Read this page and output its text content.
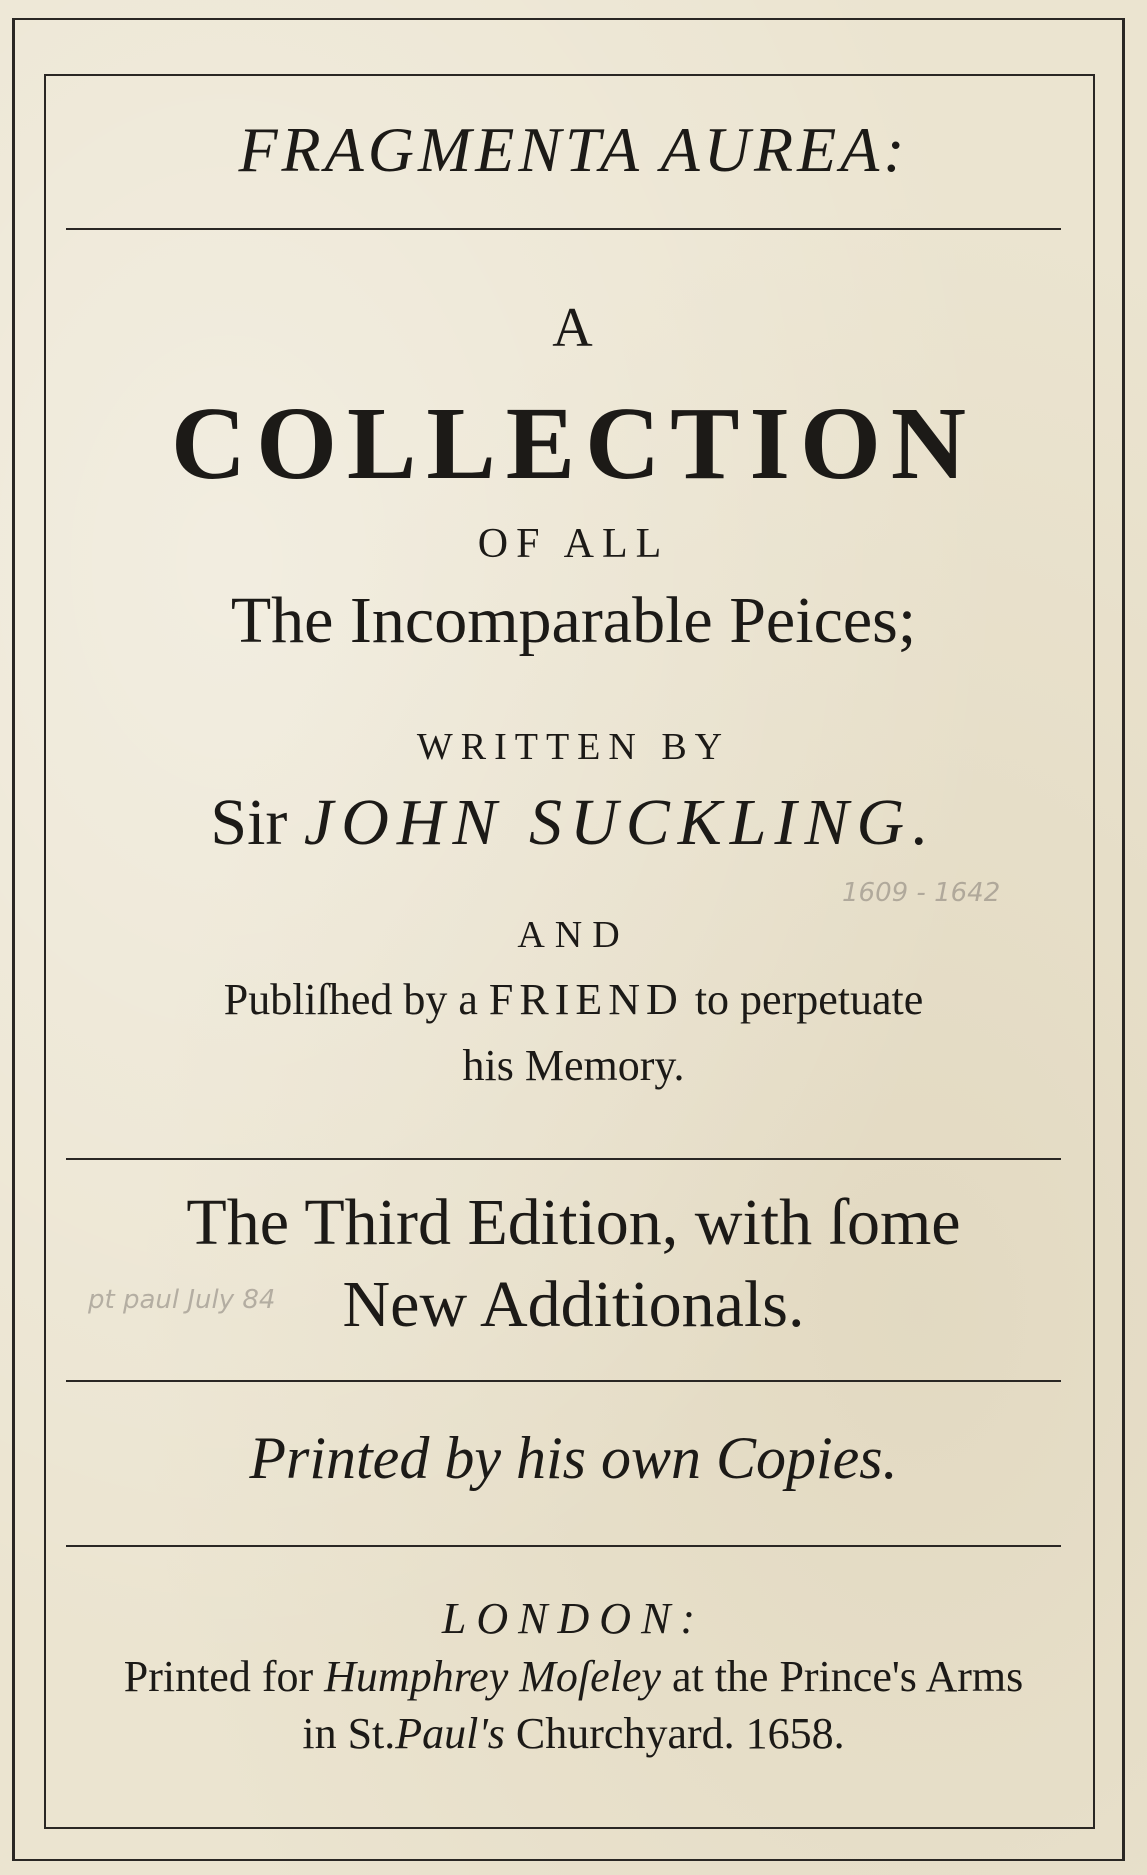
FRAGMENTA AUREA:
A
COLLECTION
OF ALL
The Incomparable Peices;
WRITTEN BY
Sir JOHN SUCKLING.
AND
Publiſhed by a FRIEND to perpetuate
his Memory.
The Third Edition, with ſome
New Additionals.
Printed by his own Copies.
LONDON:
Printed for Humphrey Moſeley at the Prince's Arms
in St.Paul's Churchyard. 1658.
1609 - 1642
pt paul July 84
